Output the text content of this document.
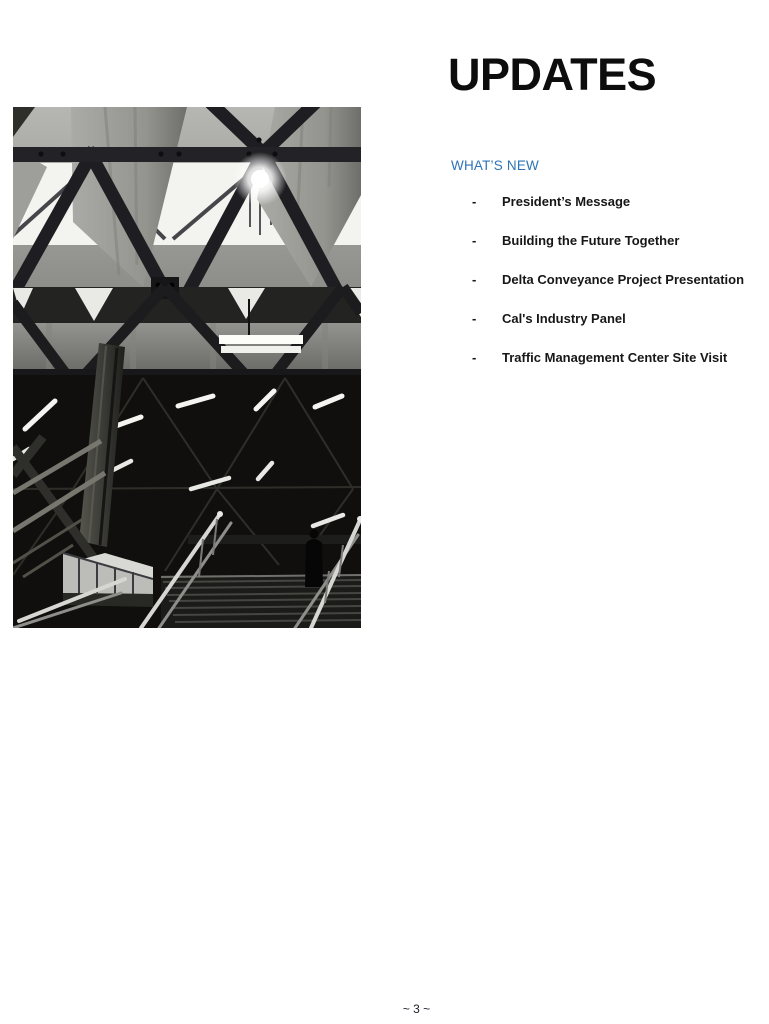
UPDATES
WHAT’S NEW
-	President’s Message
-	Building the Future Together
-	Delta Conveyance Project Presentation
-	Cal's Industry Panel
-	Traffic Management Center Site Visit
~ 3 ~
